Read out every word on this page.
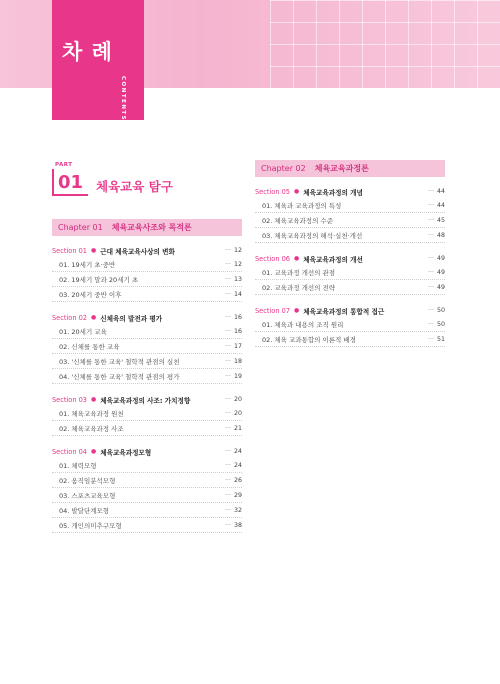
차 례
CONTENTS
PART
01 체육교육 탐구
Chapter 01 체육교육사조와 목적론
Section 01 ● 근대 체육교육사상의 변화	··· 12
01. 19세기 초·중반	··· 12
02. 19세기 말과 20세기 초	··· 13
03. 20세기 중반 이후	··· 14
Section 02 ● 신체육의 발전과 평가	··· 16
01. 20세기 교육	··· 16
02. 신체를 통한 교육	··· 17
03. '신체를 통한 교육' 철학적 관점의 실천	··· 18
04. '신체를 통한 교육' 철학적 관점의 평가	··· 19
Section 03 ● 체육교육과정의 사조: 가치정향	··· 20
01. 체육교육과정 원천	··· 20
02. 체육교육과정 사조	··· 21
Section 04 ● 체육교육과정모형	··· 24
01. 체력모형	··· 24
02. 움직임분석모형	··· 26
03. 스포츠교육모형	··· 29
04. 발달단계모형	··· 32
05. 개인의미추구모형	··· 38
Chapter 02 체육교육과정론
Section 05 ● 체육교육과정의 개념	··· 44
01. 체육과 교육과정의 특성	··· 44
02. 체육교육과정의 수준	··· 45
03. 체육교육과정의 해석·실천·개선	··· 48
Section 06 ● 체육교육과정의 개선	··· 49
01. 교육과정 개선의 관점	··· 49
02. 교육과정 개선의 전략	··· 49
Section 07 ● 체육교육과정의 통합적 접근	··· 50
01. 체육과 내용의 조직 원리	··· 50
02. 체육 교과통합의 이론적 배경	··· 51
